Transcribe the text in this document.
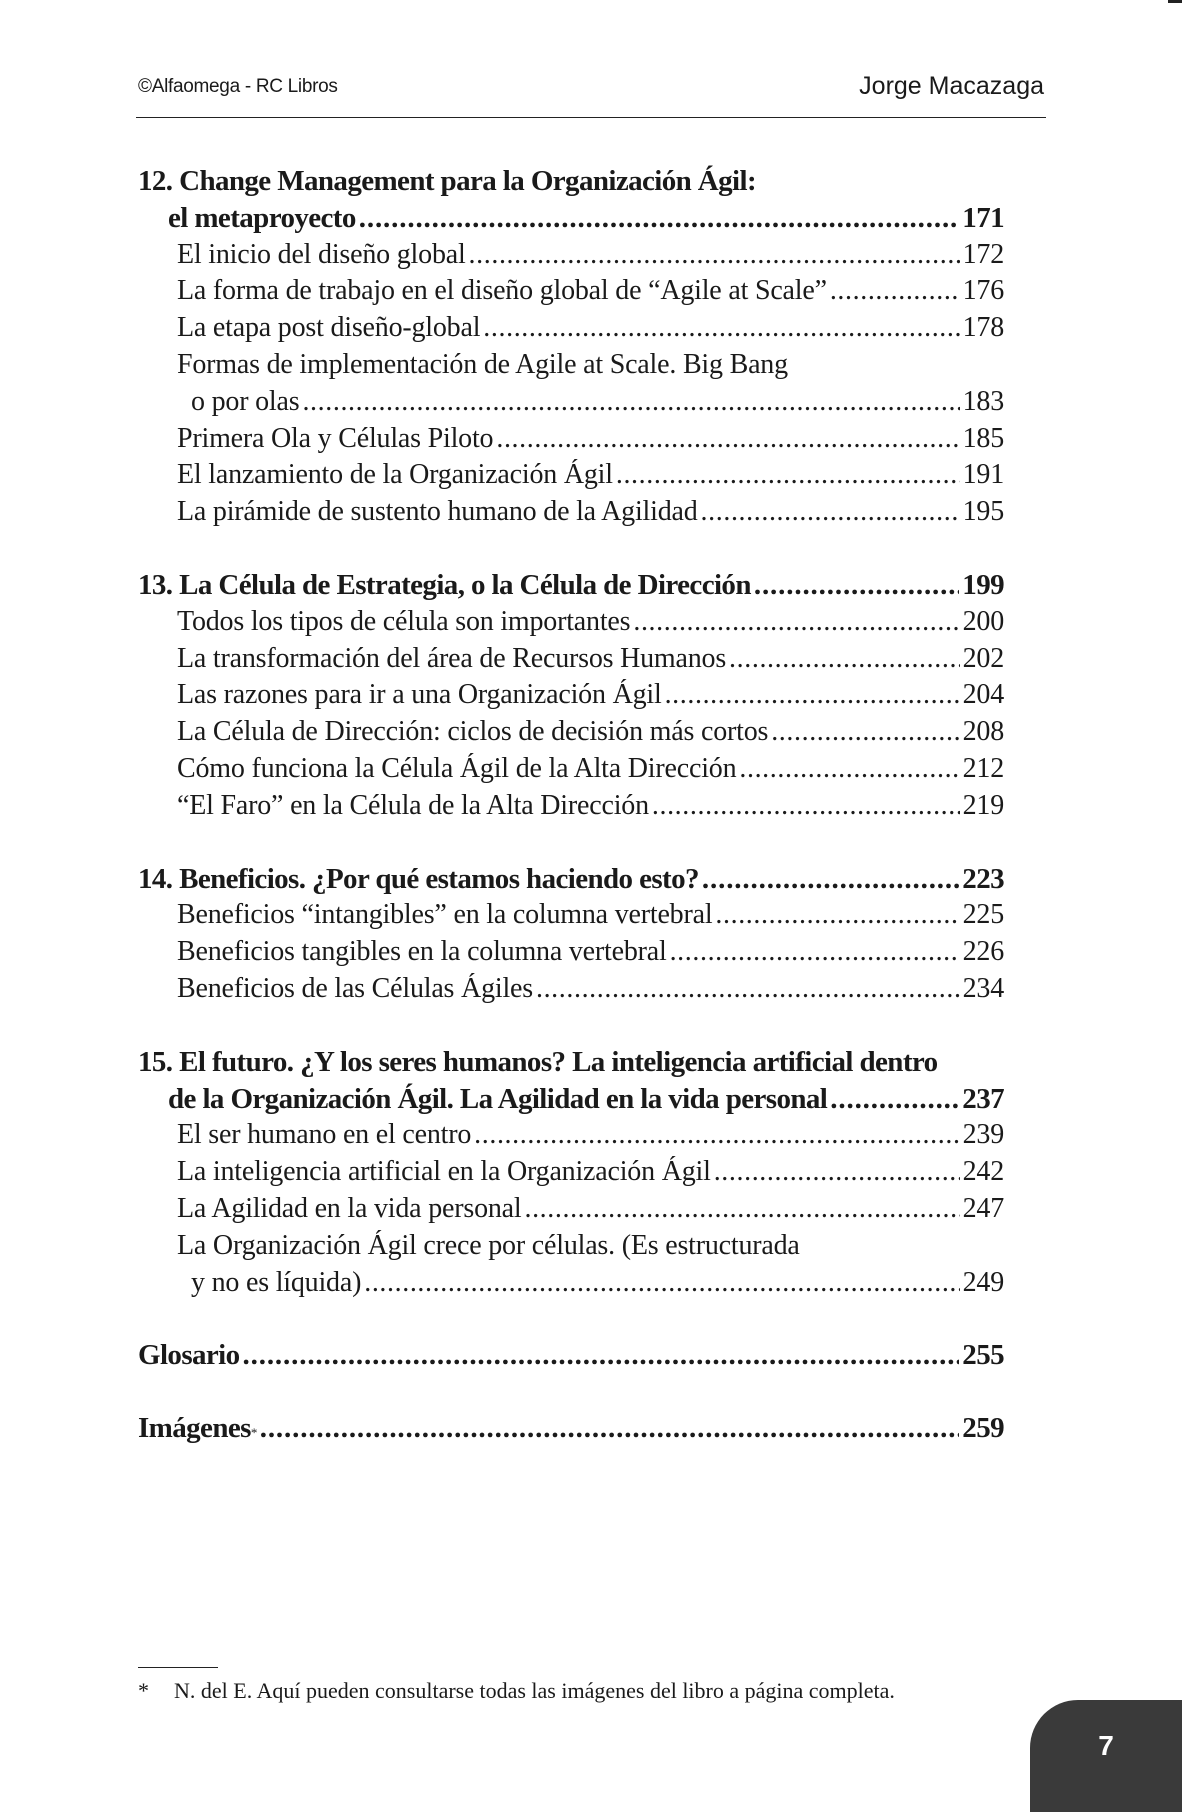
©Alfaomega - RC Libros	Jorge Macazaga
12. Change Management para la Organización Ágil:
el metaproyecto . . .	171
El inicio del diseño global . . .	172
La forma de trabajo en el diseño global de “Agile at Scale” . . .	176
La etapa post diseño-global . . .	178
Formas de implementación de Agile at Scale. Big Bang
o por olas . . .	183
Primera Ola y Células Piloto . . .	185
El lanzamiento de la Organización Ágil . . .	191
La pirámide de sustento humano de la Agilidad . . .	195
13. La Célula de Estrategia, o la Célula de Dirección . . .	199
Todos los tipos de célula son importantes . . .	200
La transformación del área de Recursos Humanos . . .	202
Las razones para ir a una Organización Ágil . . .	204
La Célula de Dirección: ciclos de decisión más cortos . . .	208
Cómo funciona la Célula Ágil de la Alta Dirección . . .	212
“El Faro” en la Célula de la Alta Dirección . . .	219
14. Beneficios. ¿Por qué estamos haciendo esto? . . .	223
Beneficios “intangibles” en la columna vertebral . . .	225
Beneficios tangibles en la columna vertebral . . .	226
Beneficios de las Células Ágiles . . .	234
15. El futuro. ¿Y los seres humanos? La inteligencia artificial dentro
de la Organización Ágil. La Agilidad en la vida personal . . .	237
El ser humano en el centro . . .	239
La inteligencia artificial en la Organización Ágil . . .	242
La Agilidad en la vida personal . . .	247
La Organización Ágil crece por células. (Es estructurada
y no es líquida) . . .	249
Glosario . . .	255
Imágenes * . . .	259
* N. del E. Aquí pueden consultarse todas las imágenes del libro a página completa.
7
